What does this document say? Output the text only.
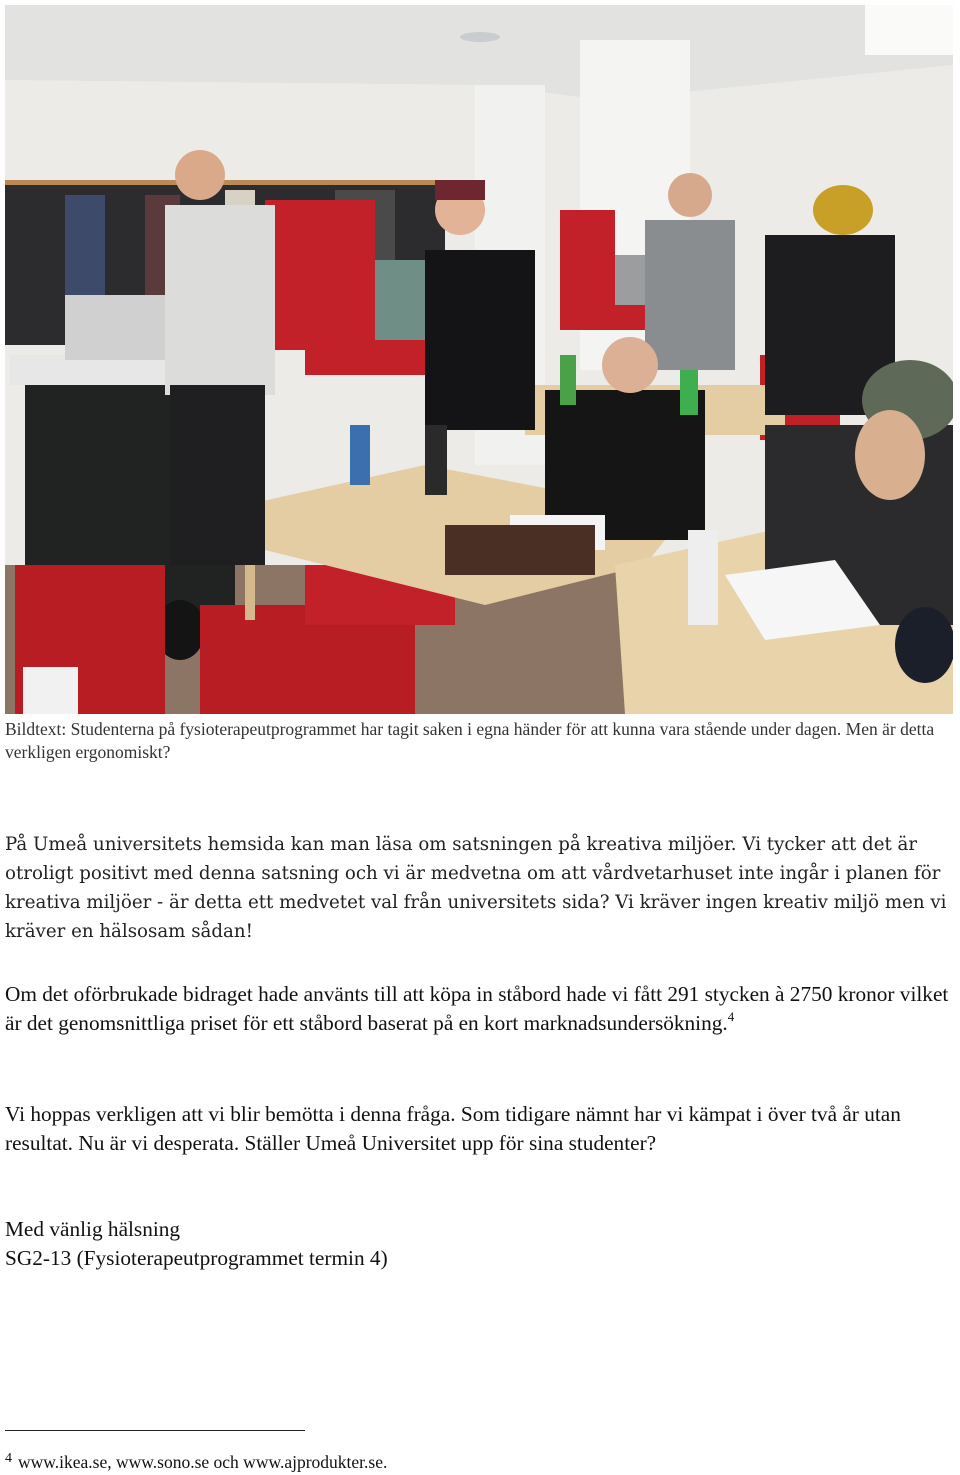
Bildtext: Studenterna på fysioterapeutprogrammet har tagit saken i egna händer för att kunna vara stående under dagen. Men är detta verkligen ergonomiskt?
På Umeå universitets hemsida kan man läsa om satsningen på kreativa miljöer. Vi tycker att det är otroligt positivt med denna satsning och vi är medvetna om att vårdvetarhuset inte ingår i planen för kreativa miljöer - är detta ett medvetet val från universitets sida? Vi kräver ingen kreativ miljö men vi kräver en hälsosam sådan!
Om det oförbrukade bidraget hade använts till att köpa in ståbord hade vi fått 291 stycken à 2750 kronor vilket är det genomsnittliga priset för ett ståbord baserat på en kort marknadsundersökning.$^4$
Vi hoppas verkligen att vi blir bemötta i denna fråga. Som tidigare nämnt har vi kämpat i över två år utan resultat. Nu är vi desperata. Ställer Umeå Universitet upp för sina studenter?
Med vänlig hälsning
SG2-13 (Fysioterapeutprogrammet termin 4)
$^4$ www.ikea.se, www.sono.se och www.ajprodukter.se.
